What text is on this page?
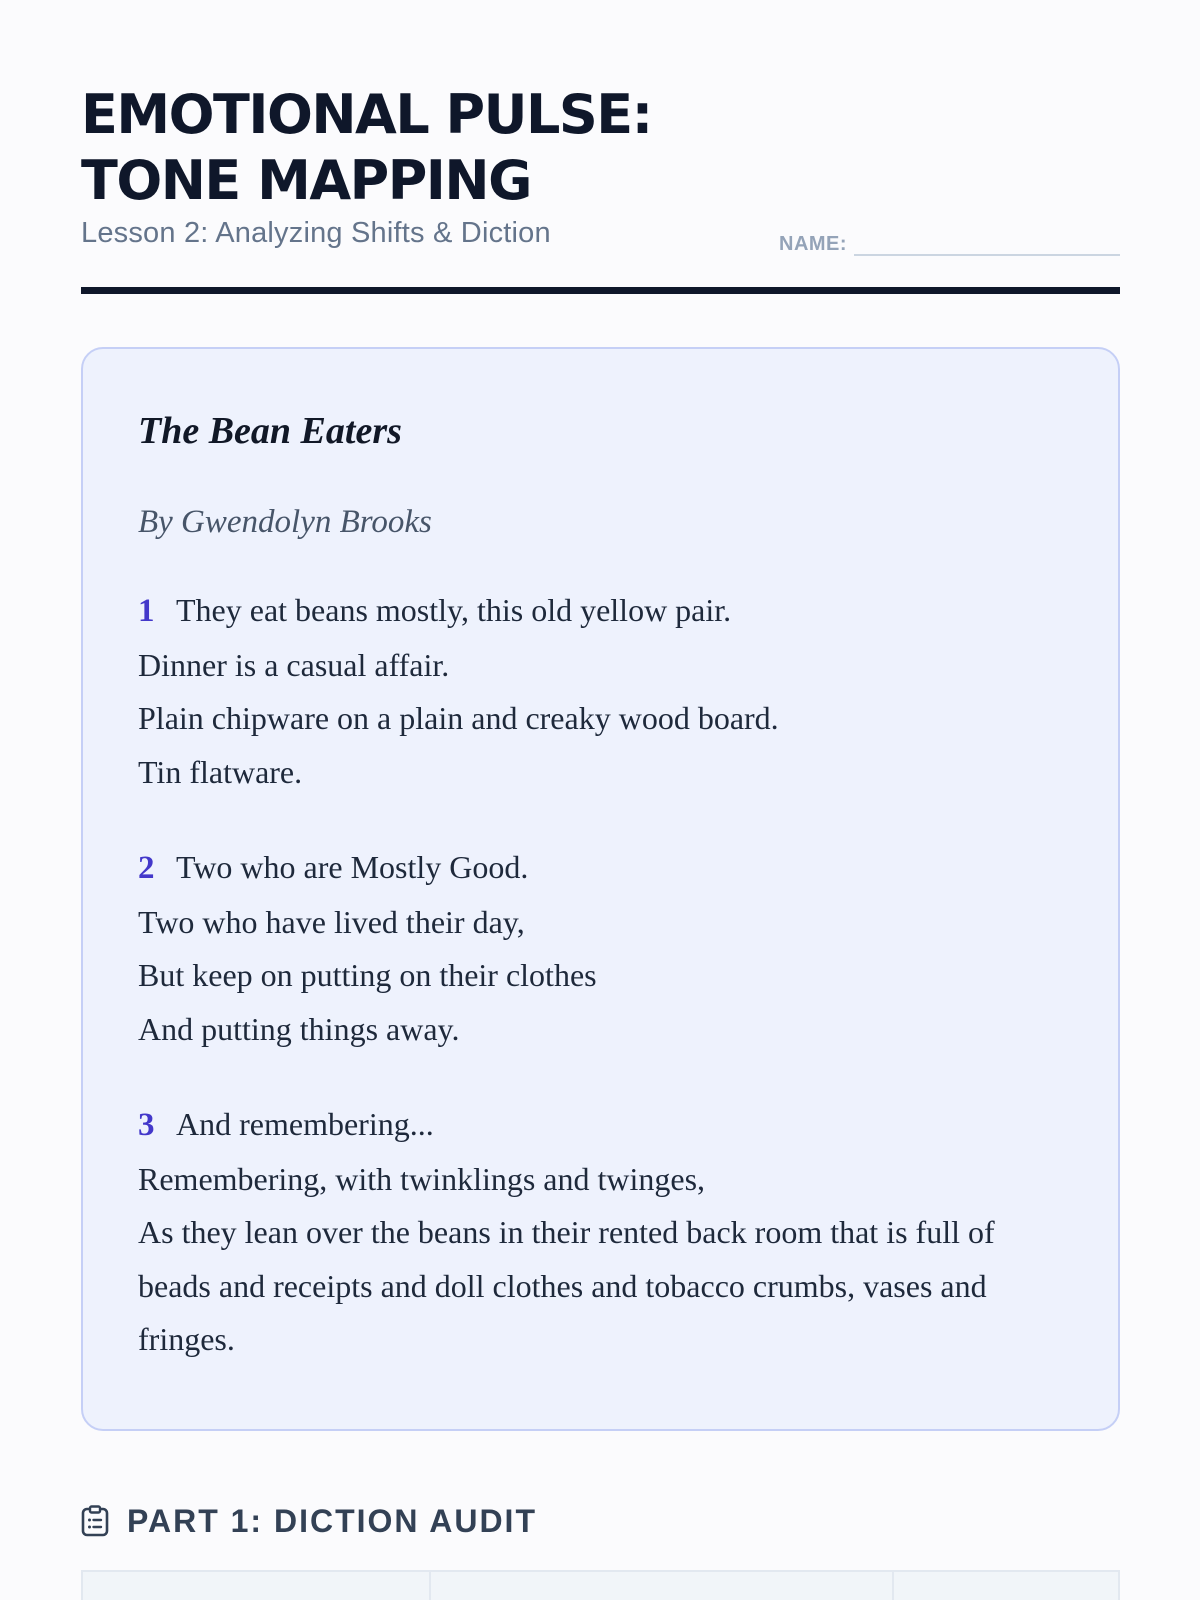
EMOTIONAL PULSE:
TONE MAPPING
Lesson 2: Analyzing Shifts & Diction	NAME:
The Bean Eaters
By Gwendolyn Brooks
1 They eat beans mostly, this old yellow pair.
Dinner is a casual affair.
Plain chipware on a plain and creaky wood board.
Tin flatware.
2 Two who are Mostly Good.
Two who have lived their day,
But keep on putting on their clothes
And putting things away.
3 And remembering...
Remembering, with twinklings and twinges,
As they lean over the beans in their rented back room that is full of beads and receipts and doll clothes and tobacco crumbs, vases and fringes.
PART 1: DICTION AUDIT
